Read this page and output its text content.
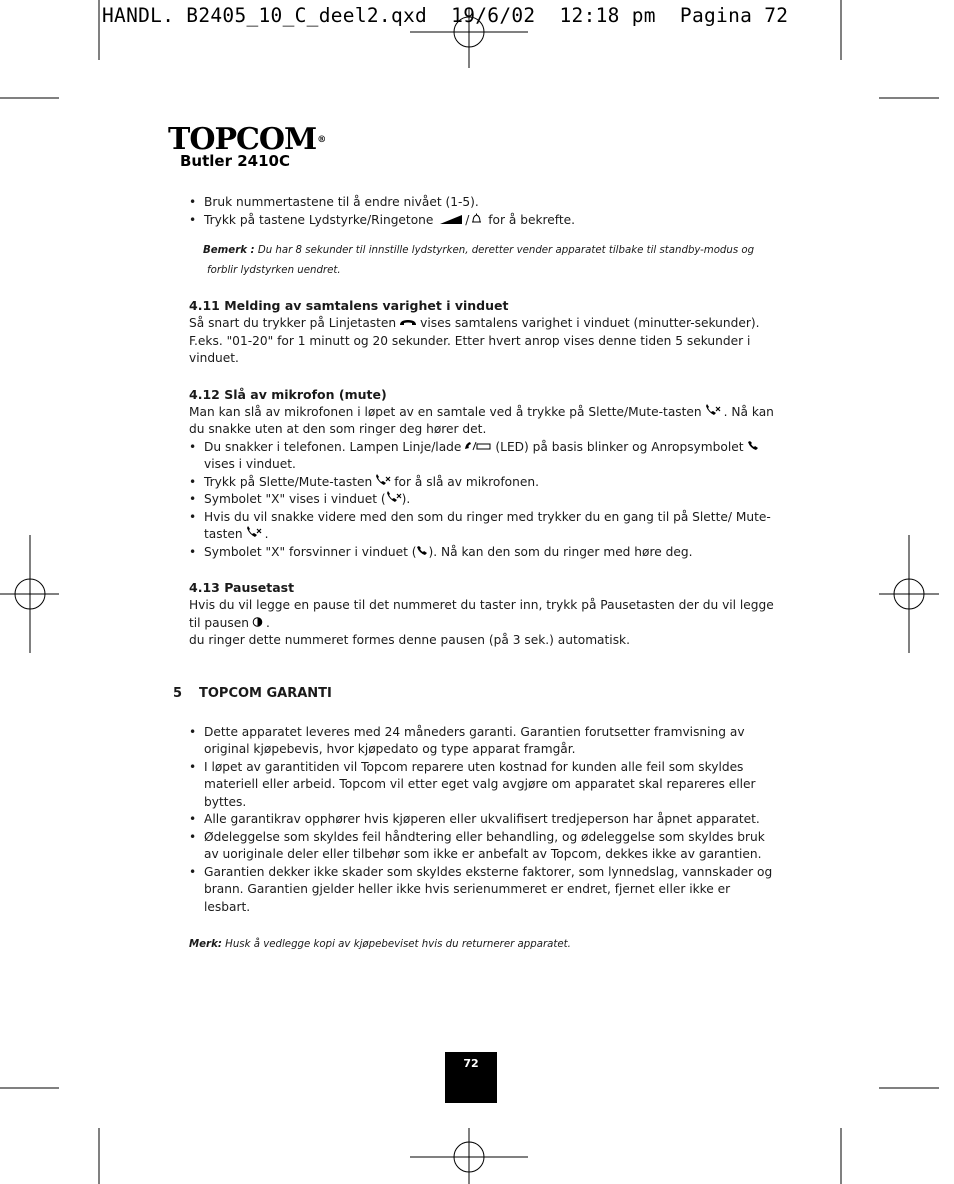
HANDL. B2405_10_C_deel2.qxd  19/6/02  12:18 pm  Pagina 72
TOPCOM®
Butler 2410C
• Bruk nummertastene til å endre nivået (1-5).
• Trykk på tastene Lydstyrke/Ringetone	/ for å bekrefte.
Bemerk : Du har 8 sekunder til innstille lydstyrken, deretter vender apparatet tilbake til standby-modus og
forblir lydstyrken uendret.
4.11 Melding av samtalens varighet i vinduet

Så snart du trykker på Linjetasten vises samtalens varighet i vinduet (minutter-sekunder).

F.eks. "01-20" for 1 minutt og 20 sekunder. Etter hvert anrop vises denne tiden 5 sekunder i vinduet.

4.12 Slå av mikrofon (mute)

Man kan slå av mikrofonen i løpet av en samtale ved å trykke på Slette/Mute-tasten . Nå kan du snakke uten at den som ringer deg hører det.

• Du snakker i telefonen. Lampen Linje/lade	(LED) på basis blinker og Anropsymboletvises i vinduet.
• Trykk på Slette/Mute-tasten for å slå av mikrofonen.
• Symbolet "X" vises i vinduet ( ).
• Hvis du vil snakke videre med den som du ringer med trykker du en gang til på Slette/ Mute-tasten .
• Symbolet "X" forsvinner i vinduet ( ). Nå kan den som du ringer med høre deg.
4.13 Pausetast

Hvis du vil legge en pause til det nummeret du taster inn, trykk på Pausetasten der du vil legge til pausen .

du ringer dette nummeret formes denne pausen (på 3 sek.) automatisk.

5 TOPCOM GARANTI
• Dette apparatet leveres med 24 måneders garanti. Garantien forutsetter framvisning av original kjøpebevis, hvor kjøpedato og type apparat framgår.
• I løpet av garantitiden vil Topcom reparere uten kostnad for kunden alle feil som skyldes materiell eller arbeid. Topcom vil etter eget valg avgjøre om apparatet skal repareres eller byttes.
• Alle garantikrav opphører hvis kjøperen eller ukvalifisert tredjeperson har åpnet apparatet.
• Ødeleggelse som skyldes feil håndtering eller behandling, og ødeleggelse som skyldes bruk av uoriginale deler eller tilbehør som ikke er anbefalt av Topcom, dekkes ikke av garantien.
• Garantien dekker ikke skader som skyldes eksterne faktorer, som lynnedslag, vannskader og brann. Garantien gjelder heller ikke hvis serienummeret er endret, fjernet eller ikke er lesbart.

Merk: Husk å vedlegge kopi av kjøpebeviset hvis du returnerer apparatet.

72
